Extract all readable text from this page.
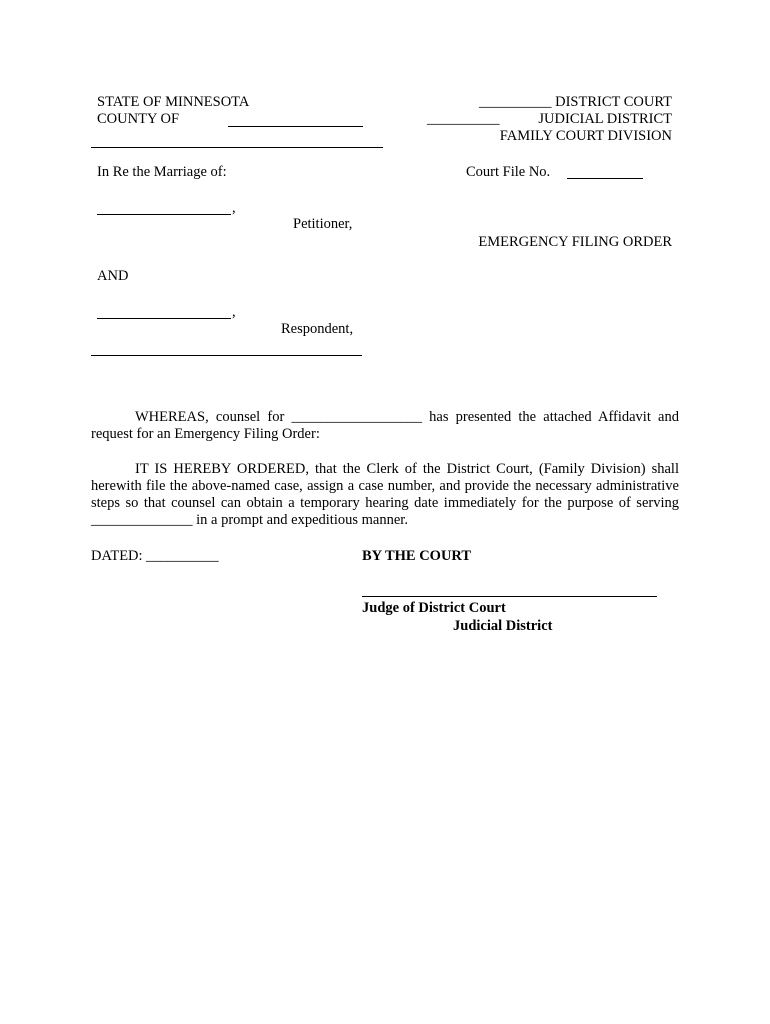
STATE OF MINNESOTA
COUNTY OF
__________ DISTRICT COURT
__________	JUDICIAL DISTRICT
FAMILY COURT DIVISION
In Re the Marriage of:	Court File No.
,
Petitioner,
EMERGENCY FILING ORDER
AND
,
Respondent,
WHEREAS, counsel for __________________ has presented the attached Affidavit and request for an Emergency Filing Order:
IT IS HEREBY ORDERED, that the Clerk of the District Court, (Family Division) shall herewith file the above-named case, assign a case number, and provide the necessary administrative steps so that counsel can obtain a temporary hearing date immediately for the purpose of serving ______________ in a prompt and expeditious manner.
DATED: __________	BY THE COURT
Judge of District Court
Judicial District
